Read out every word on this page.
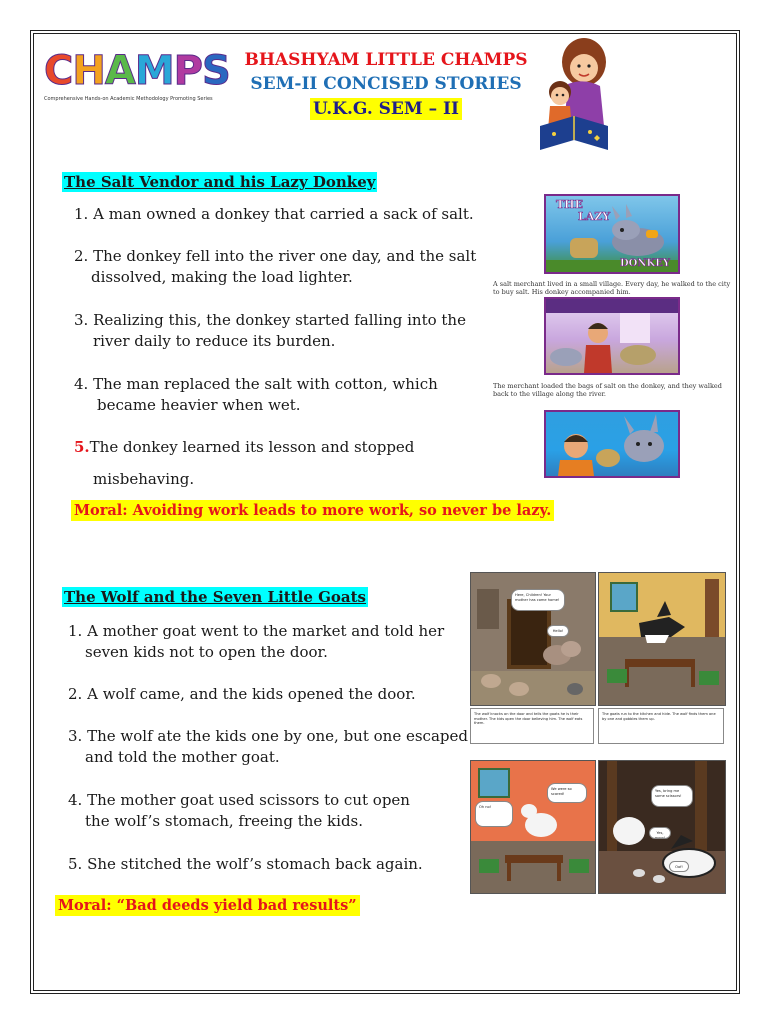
CHAMPS
Comprehensive Hands-on Academic Methodology Promoting Series
BHASHYAM LITTLE CHAMPS
SEM-II CONCISED STORIES
U.K.G. SEM – II
The Salt Vendor and his Lazy Donkey
1. A man owned a donkey that carried a sack of salt.
2. The donkey fell into the river one day, and the salt
dissolved, making the load lighter.
3. Realizing this, the donkey started falling into the
river daily to reduce its burden.
4. The man replaced the salt with cotton, which
became heavier when wet.
5.The donkey learned its lesson and stopped
misbehaving.
Moral: Avoiding work leads to more work, so never be lazy.
THE
LAZY
DONKEY
A salt merchant lived in a small village. Every day, he walked to the city to buy salt. His donkey accompanied him.
The merchant loaded the bags of salt on the donkey, and they walked back to the village along the river.
The Wolf and the Seven Little Goats
1. A mother goat went to the market and told her
seven kids not to open the door.
2. A wolf came, and the kids opened the door.
3. The wolf ate the kids one by one, but one escaped
and told the mother goat.
4. The mother goat used scissors to cut open
the wolf’s stomach, freeing the kids.
5. She stitched the wolf’s stomach back again.
Moral: “Bad deeds yield bad results”
Here, Children! Your mother has come home!
Hello!
The wolf knocks on the door and tells the goats he is their mother. The kids open the door believing him. The wolf eats them.
The goats run to the kitchen and hide. The wolf finds them one by one and gobbles them up.
Oh no!
We were so scared!
Yes, bring me some scissors!
Yes, mom!
Oof!
